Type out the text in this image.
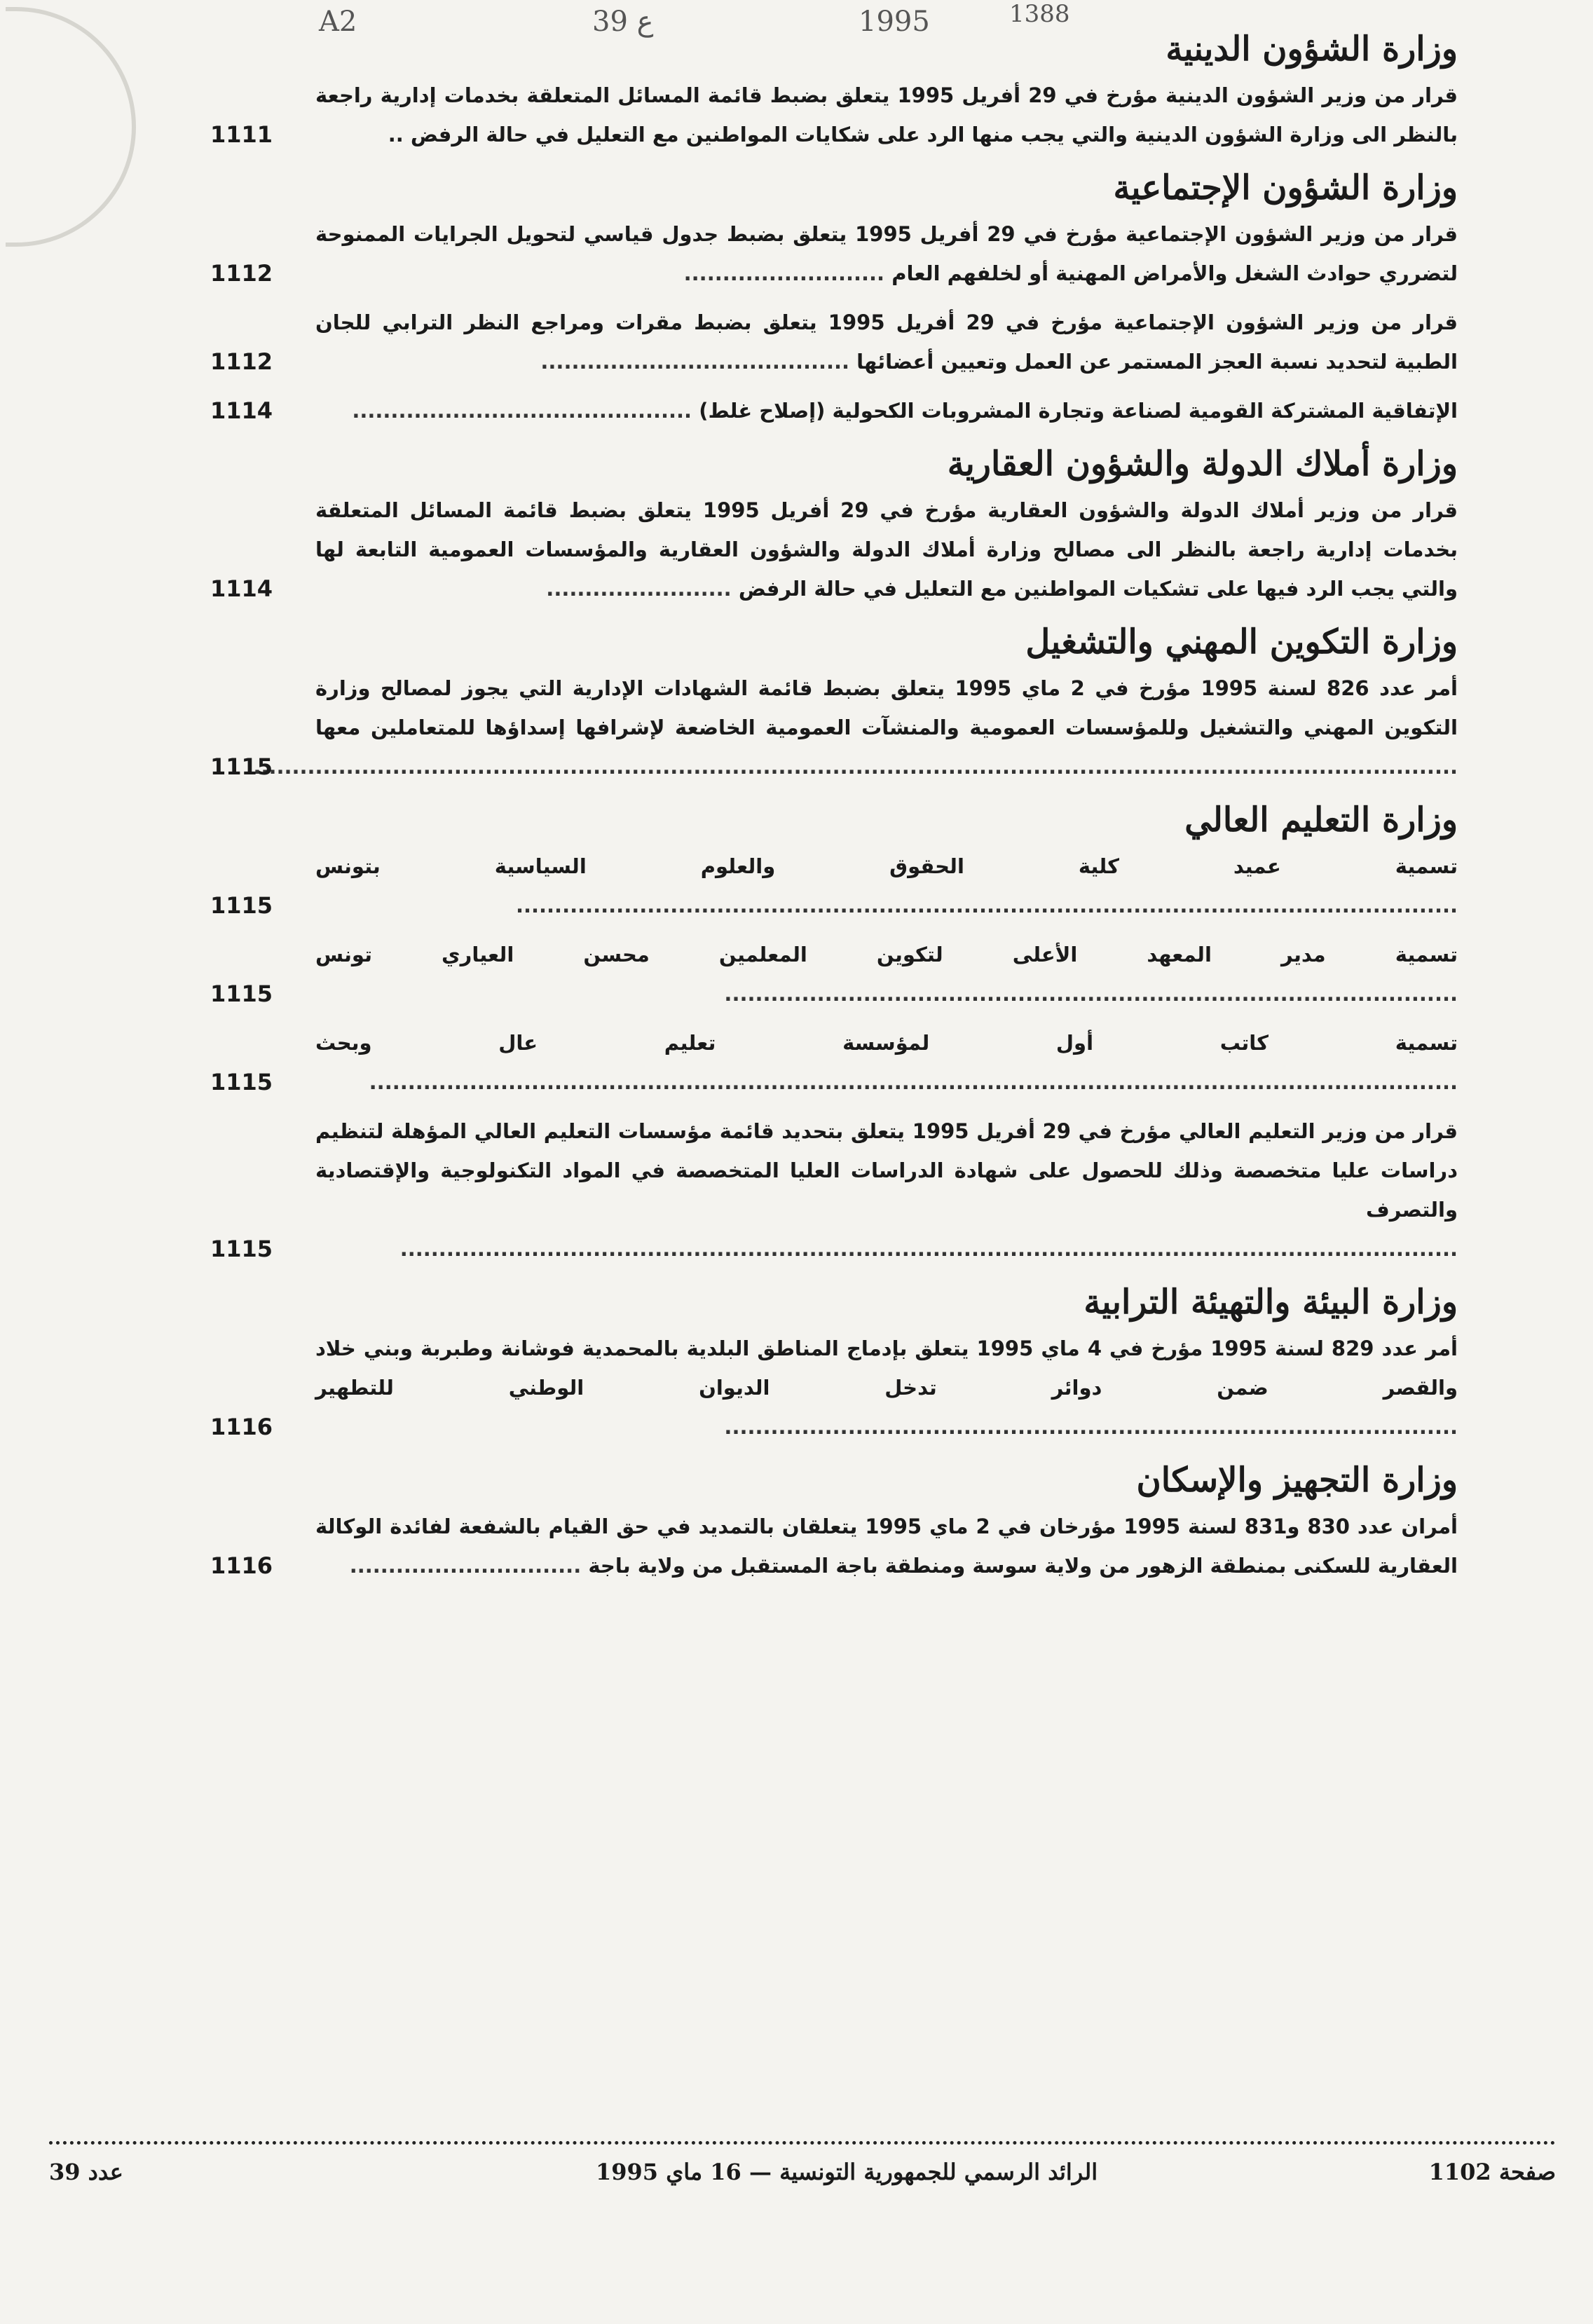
A2	39 ع	1995	1388
وزارة الشؤون الدينية
قرار من وزير الشؤون الدينية مؤرخ في 29 أفريل 1995 يتعلق بضبط قائمة المسائل المتعلقة بخدمات إدارية راجعة بالنظر الى وزارة الشؤون الدينية والتي يجب منها الرد على شكايات المواطنين مع التعليل في حالة الرفض ..
1111
وزارة الشؤون الإجتماعية
قرار من وزير الشؤون الإجتماعية مؤرخ في 29 أفريل 1995 يتعلق بضبط جدول قياسي لتحويل الجرايات الممنوحة لتضرري حوادث الشغل والأمراض المهنية أو لخلفهم العام ..........................
1112
قرار من وزير الشؤون الإجتماعية مؤرخ في 29 أفريل 1995 يتعلق بضبط مقرات ومراجع النظر الترابي للجان الطبية لتحديد نسبة العجز المستمر عن العمل وتعيين أعضائها ........................................
1112
الإتفاقية المشتركة القومية لصناعة وتجارة المشروبات الكحولية (إصلاح غلط) ............................................
1114
وزارة أملاك الدولة والشؤون العقارية
قرار من وزير أملاك الدولة والشؤون العقارية مؤرخ في 29 أفريل 1995 يتعلق بضبط قائمة المسائل المتعلقة بخدمات إدارية راجعة بالنظر الى مصالح وزارة أملاك الدولة والشؤون العقارية والمؤسسات العمومية التابعة لها والتي يجب الرد فيها على تشكيات المواطنين مع التعليل في حالة الرفض ........................
1114
وزارة التكوين المهني والتشغيل
أمر عدد 826 لسنة 1995 مؤرخ في 2 ماي 1995 يتعلق بضبط قائمة الشهادات الإدارية التي يجوز لمصالح وزارة التكوين المهني والتشغيل وللمؤسسات العمومية والمنشآت العمومية الخاضعة لإشرافها إسداؤها للمتعاملين معها ............................................................................................................................................................
1115
وزارة التعليم العالي
تسمية عميد كلية الحقوق والعلوم السياسية بتونس ..........................................................................................................................
1115
تسمية مدير المعهد الأعلى لتكوين المعلمين محسن العياري تونس ...............................................................................................
1115
تسمية كاتب أول لمؤسسة تعليم عال وبحث .............................................................................................................................................
1115
قرار من وزير التعليم العالي مؤرخ في 29 أفريل 1995 يتعلق بتحديد قائمة مؤسسات التعليم العالي المؤهلة لتنظيم دراسات عليا متخصصة وذلك للحصول على شهادة الدراسات العليا المتخصصة في المواد التكنولوجية والإقتصادية والتصرف .........................................................................................................................................
1115
وزارة البيئة والتهيئة الترابية
أمر عدد 829 لسنة 1995 مؤرخ في 4 ماي 1995 يتعلق بإدماج المناطق البلدية بالمحمدية فوشانة وطبربة وبني خلاد والقصر ضمن دوائر تدخل الديوان الوطني للتطهير ...............................................................................................
1116
وزارة التجهيز والإسكان
أمران عدد 830 و831 لسنة 1995 مؤرخان في 2 ماي 1995 يتعلقان بالتمديد في حق القيام بالشفعة لفائدة الوكالة العقارية للسكنى بمنطقة الزهور من ولاية سوسة ومنطقة باجة المستقبل من ولاية باجة ..............................
1116
عدد 39	الرائد الرسمي للجمهورية التونسية — 16 ماي 1995	صفحة 1102
